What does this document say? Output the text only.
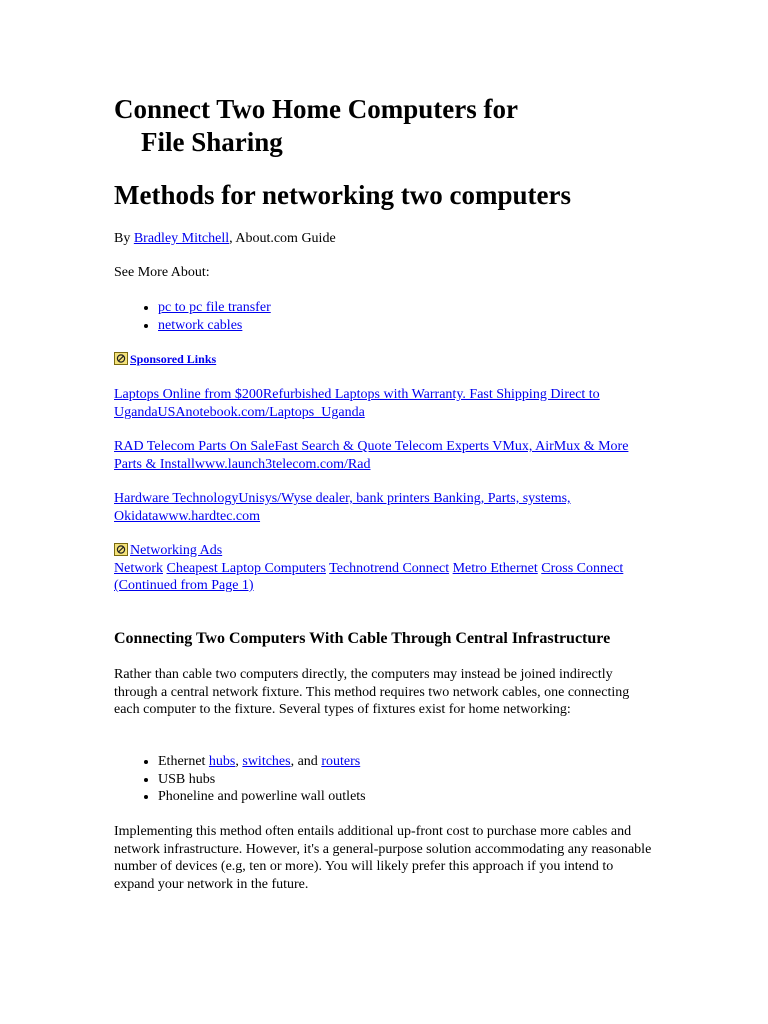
Connect Two Home Computers for
File Sharing
Methods for networking two computers
By Bradley Mitchell, About.com Guide
See More About:
• pc to pc file transfer
• network cables
Sponsored Links
Laptops Online from $200Refurbished Laptops with Warranty. Fast Shipping Direct to UgandaUSAnotebook.com/Laptops_Uganda
RAD Telecom Parts On SaleFast Search & Quote Telecom Experts VMux, AirMux & More Parts & Installwww.launch3telecom.com/Rad
Hardware TechnologyUnisys/Wyse dealer, bank printers Banking, Parts, systems, Okidatawww.hardtec.com
Networking Ads
Network Cheapest Laptop Computers Technotrend Connect Metro Ethernet Cross Connect
(Continued from Page 1)
Connecting Two Computers With Cable Through Central Infrastructure
Rather than cable two computers directly, the computers may instead be joined indirectly through a central network fixture. This method requires two network cables, one connecting each computer to the fixture. Several types of fixtures exist for home networking:
• Ethernet hubs, switches, and routers
• USB hubs
• Phoneline and powerline wall outlets
Implementing this method often entails additional up-front cost to purchase more cables and network infrastructure. However, it's a general-purpose solution accommodating any reasonable number of devices (e.g, ten or more). You will likely prefer this approach if you intend to expand your network in the future.
